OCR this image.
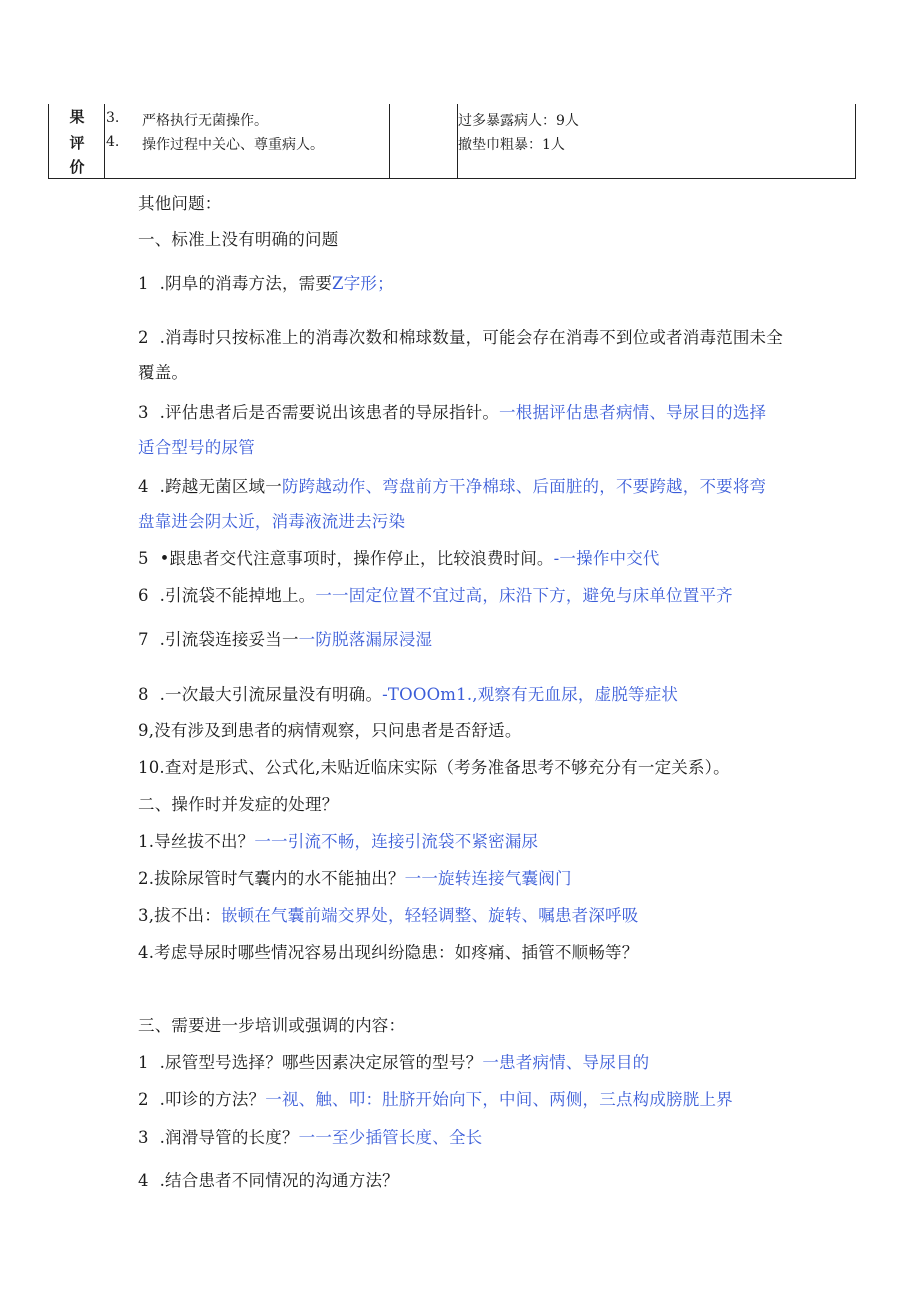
果
评
价
3. 严格执行无菌操作。
4. 操作过程中关心、尊重病人。
过多暴露病人：9人
撤垫巾粗暴：1人
其他问题：
一、标准上没有明确的问题
1 .阴阜的消毒方法，需要Z字形；
2 .消毒时只按标准上的消毒次数和棉球数量，可能会存在消毒不到位或者消毒范围未全
覆盖。
3 .评估患者后是否需要说出该患者的导尿指针。一根据评估患者病情、导尿目的选择
适合型号的尿管
4 .跨越无菌区域一防跨越动作、弯盘前方干净棉球、后面脏的，不要跨越，不要将弯
盘靠进会阴太近，消毒液流进去污染
5 •跟患者交代注意事项时，操作停止，比较浪费时间。-一操作中交代
6 .引流袋不能掉地上。一一固定位置不宜过高，床沿下方，避免与床单位置平齐
7 .引流袋连接妥当一一防脱落漏尿浸湿
8 .一次最大引流尿量没有明确。-TOOOm1.,观察有无血尿，虚脱等症状
9,没有涉及到患者的病情观察，只问患者是否舒适。
10.查对是形式、公式化,未贴近临床实际（考务准备思考不够充分有一定关系）。
二、操作时并发症的处理？
1.导丝拔不出？一一引流不畅，连接引流袋不紧密漏尿
2.拔除尿管时气囊内的水不能抽出？一一旋转连接气囊阀门
3,拔不出：嵌顿在气囊前端交界处，轻轻调整、旋转、嘱患者深呼吸
4.考虑导尿时哪些情况容易出现纠纷隐患：如疼痛、插管不顺畅等？
三、需要进一步培训或强调的内容：
1 .尿管型号选择？哪些因素决定尿管的型号？一患者病情、导尿目的
2 .叩诊的方法？一视、触、叩：肚脐开始向下，中间、两侧，三点构成膀胱上界
3 .润滑导管的长度？一一至少插管长度、全长
4 .结合患者不同情况的沟通方法？
